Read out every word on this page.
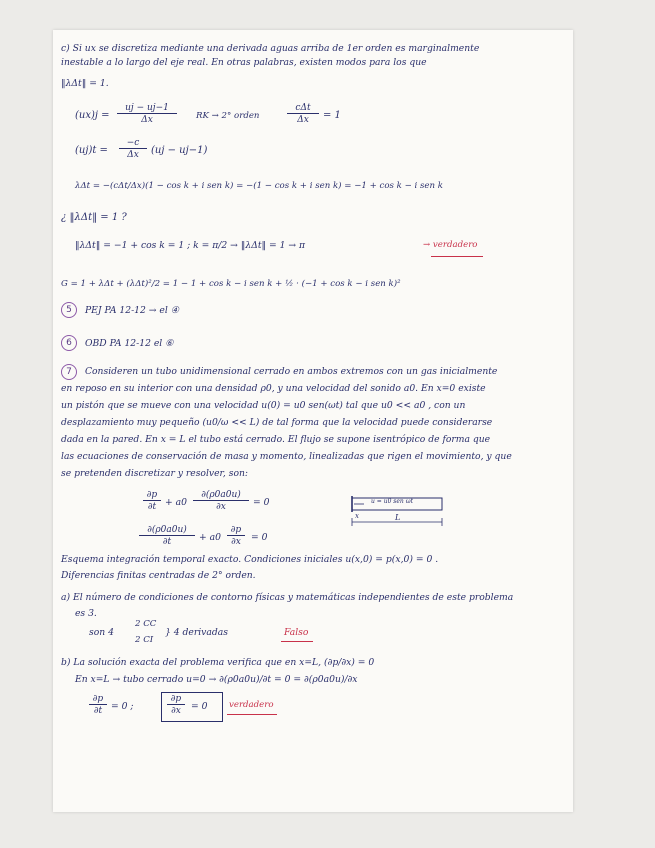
c) Si ux se discretiza mediante una derivada aguas arriba de 1er orden es marginalmente
inestable a lo largo del eje real. En otras palabras, existen modos para los que
‖λΔt‖ = 1.
$(ux)j = \frac{uj - uj-1}{\Delta x}$ RK → 2° orden
cΔt
Δx	= 1
$(uj)t = \frac{-c}{\Delta x} (uj - uj-1)$
λΔt = −(cΔt/Δx)(1 − cos k + i sen k) = −(1 − cos k + i sen k) = −1 + cos k − i sen k
¿ ‖λΔt‖ = 1 ?
‖λΔt‖ = −1 + cos k = 1 ; k = π/2 → ‖λΔt‖ = 1 → π	→ verdadero
G = 1 + λΔt + (λΔt)²/2 = 1 − 1 + cos k − i sen k + ½ · (−1 + cos k − i sen k)²
5	PEJ PA 12-12 → el ④
6	OBD PA 12-12 el ⑥
7	Consideren un tubo unidimensional cerrado en ambos extremos con un gas inicialmente
en reposo en su interior con una densidad ρ0, y una velocidad del sonido a0. En x=0 existe
un pistón que se mueve con una velocidad u(0) = u0 sen(ωt) tal que u0 << a0 , con un
desplazamiento muy pequeño (u0/ω << L) de tal forma que la velocidad puede considerarse
dada en la pared. En x = L el tubo está cerrado. El flujo se supone isentrópico de forma que
las ecuaciones de conservación de masa y momento, linealizadas que rigen el movimiento, y que
se pretenden discretizar y resolver, son:
$\frac{\partial p}{\partial t} + a0 \frac{\partial(\rho 0a0u)}{\partial x} = 0$
$\frac{\partial(\rho 0a0u)}{\partial t} + a0 \frac{\partial p}{\partial x} = 0$
u = u0 sen ωt
x	L
Esquema integración temporal exacto. Condiciones iniciales u(x,0) = p(x,0) = 0 .
Diferencias finitas centradas de 2° orden.
a) El número de condiciones de contorno físicas y matemáticas independientes de este problema
es 3.
son 4
2 CC
2 CI
} 4 derivadas	Falso
b) La solución exacta del problema verifica que en x=L, (∂p/∂x) = 0
En x=L → tubo cerrado u=0 → ∂(ρ0a0u)/∂t = 0 = ∂(ρ0a0u)/∂x
$\frac{\partial p}{\partial t} = 0$ ;	$\frac{\partial p}{\partial x} = 0$	verdadero
